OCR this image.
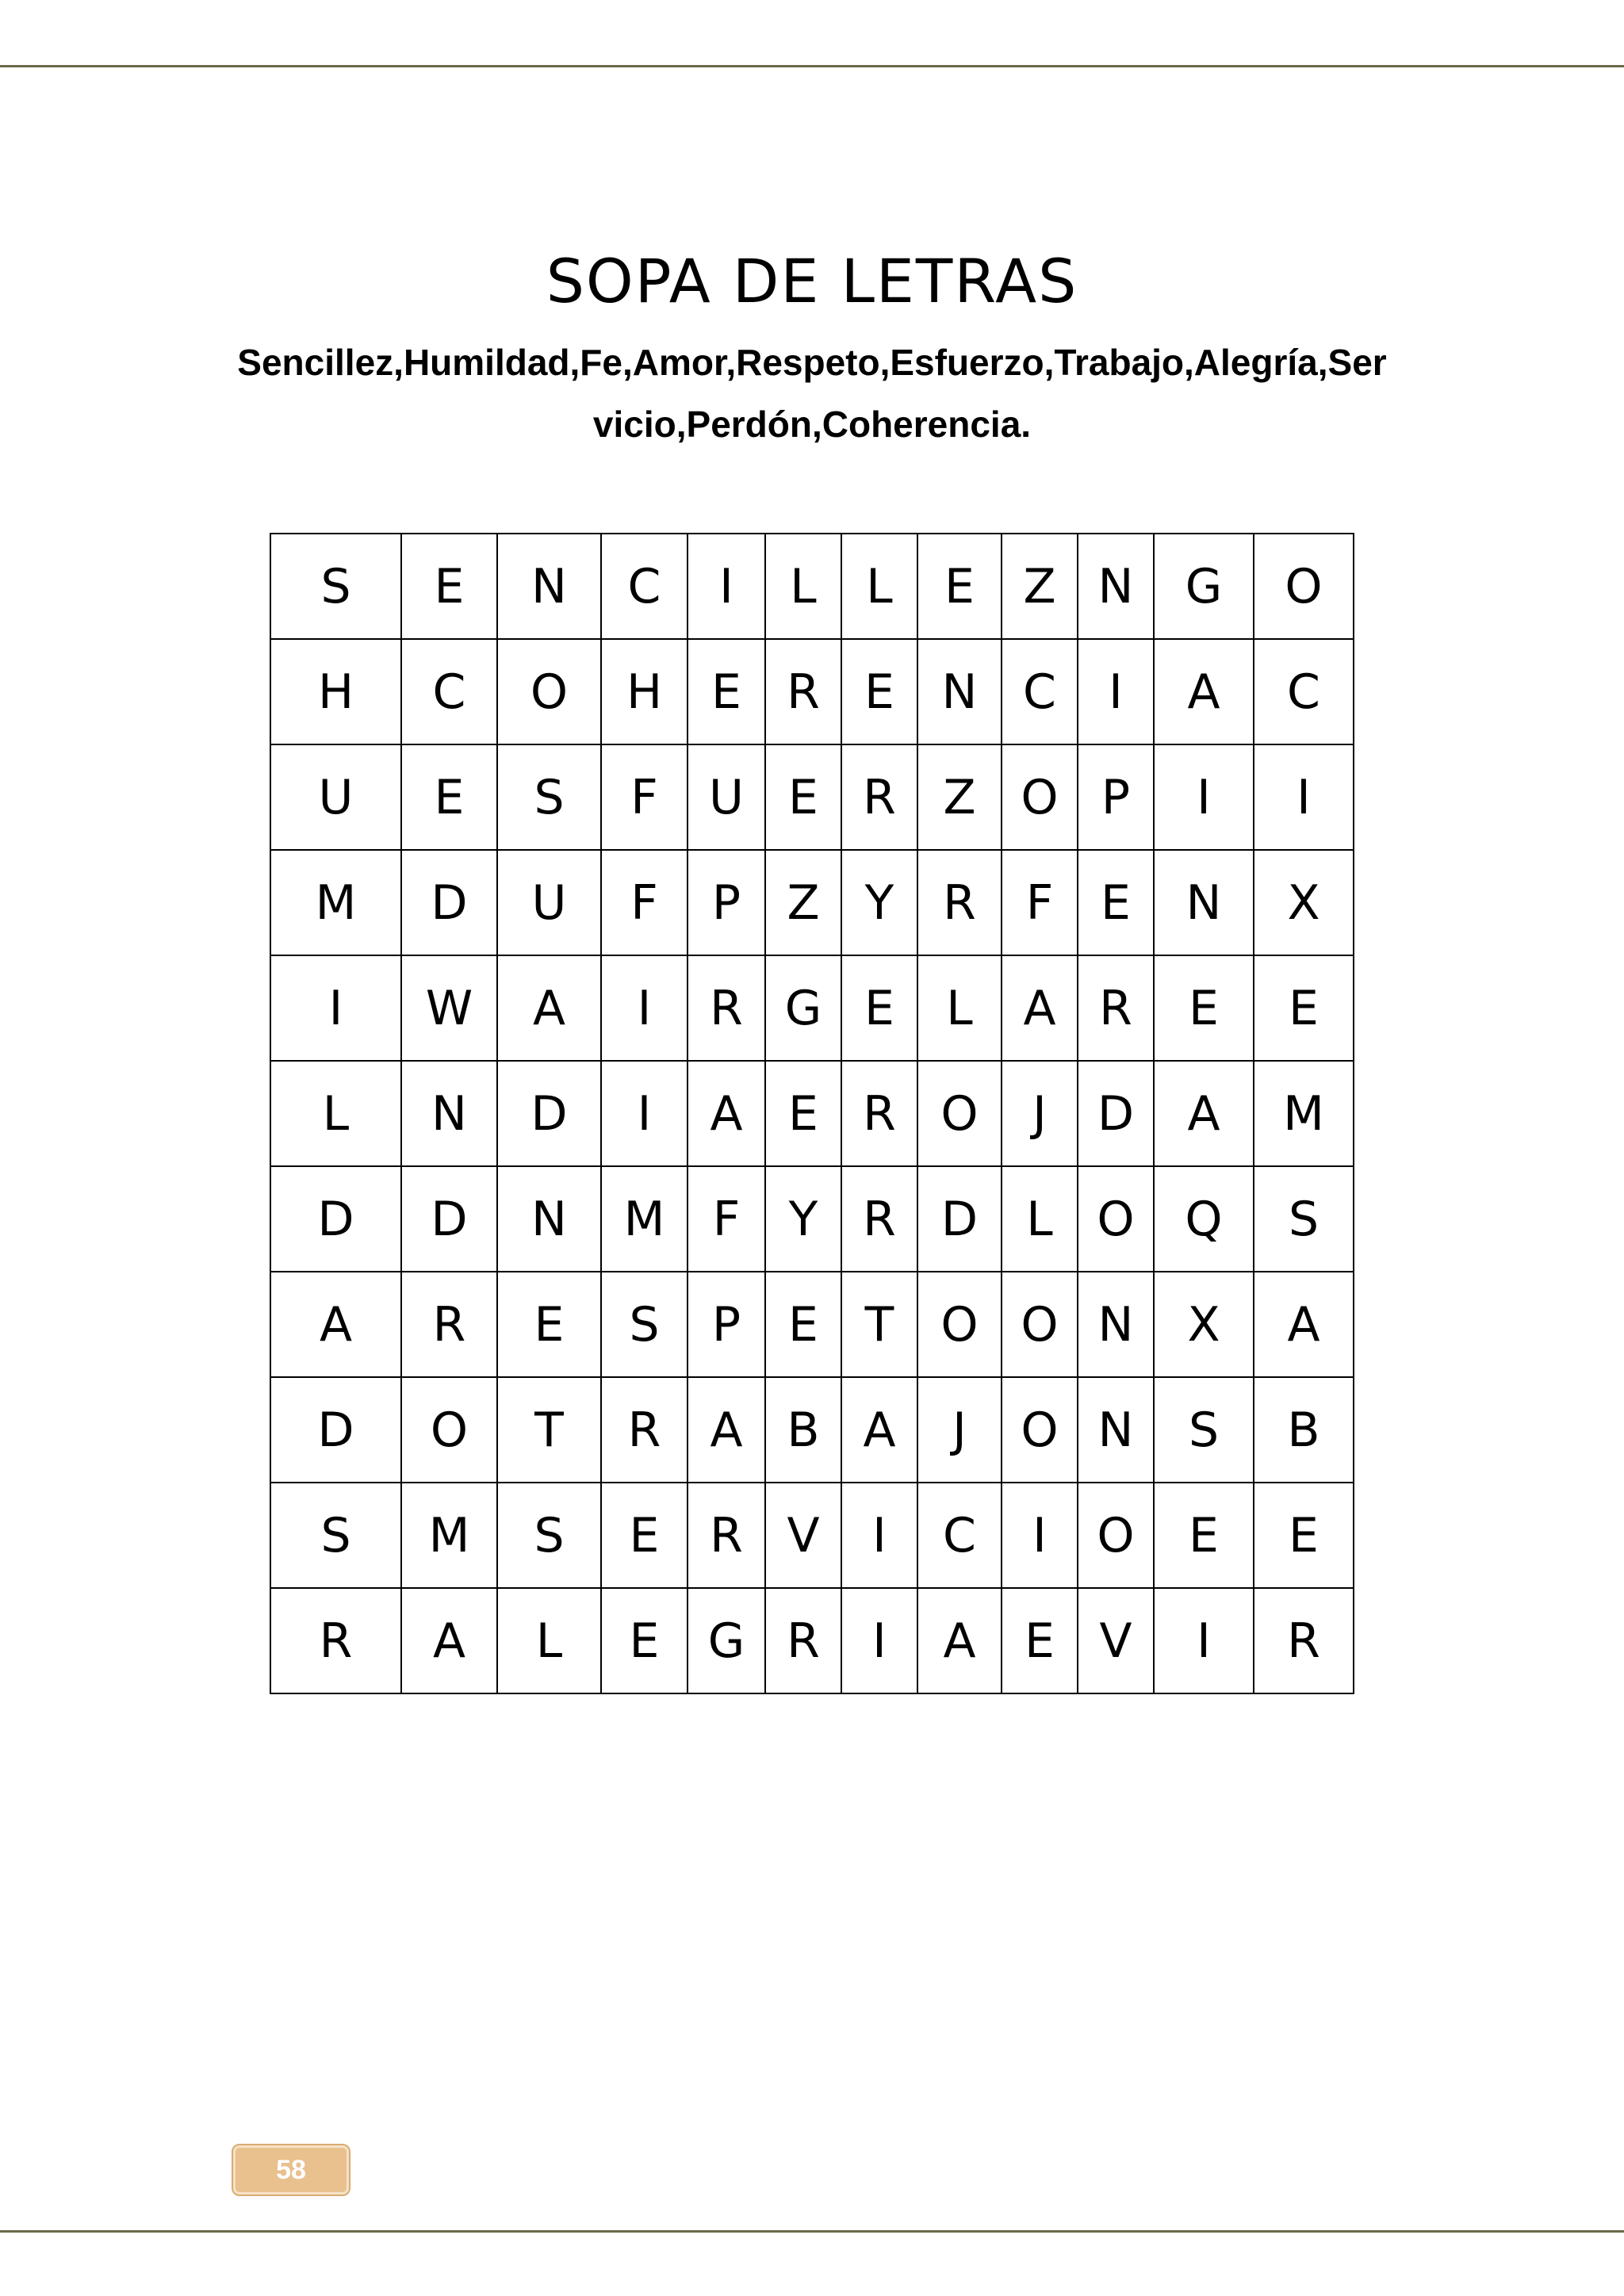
SOPA DE LETRAS
Sencillez,Humildad,Fe,Amor,Respeto,Esfuerzo,Trabajo,Alegría,Servicio,Perdón,Coherencia.
S	E	N	C	I	L	L	E	Z	N	G	O
H	C	O	H	E	R	E	N	C	I	A	C
U	E	S	F	U	E	R	Z	O	P	I	I
M	D	U	F	P	Z	Y	R	F	E	N	X
I	W	A	I	R	G	E	L	A	R	E	E
L	N	D	I	A	E	R	O	J	D	A	M
D	D	N	M	F	Y	R	D	L	O	Q	S
A	R	E	S	P	E	T	O	O	N	X	A
D	O	T	R	A	B	A	J	O	N	S	B
S	M	S	E	R	V	I	C	I	O	E	E
R	A	L	E	G	R	I	A	E	V	I	R
58
